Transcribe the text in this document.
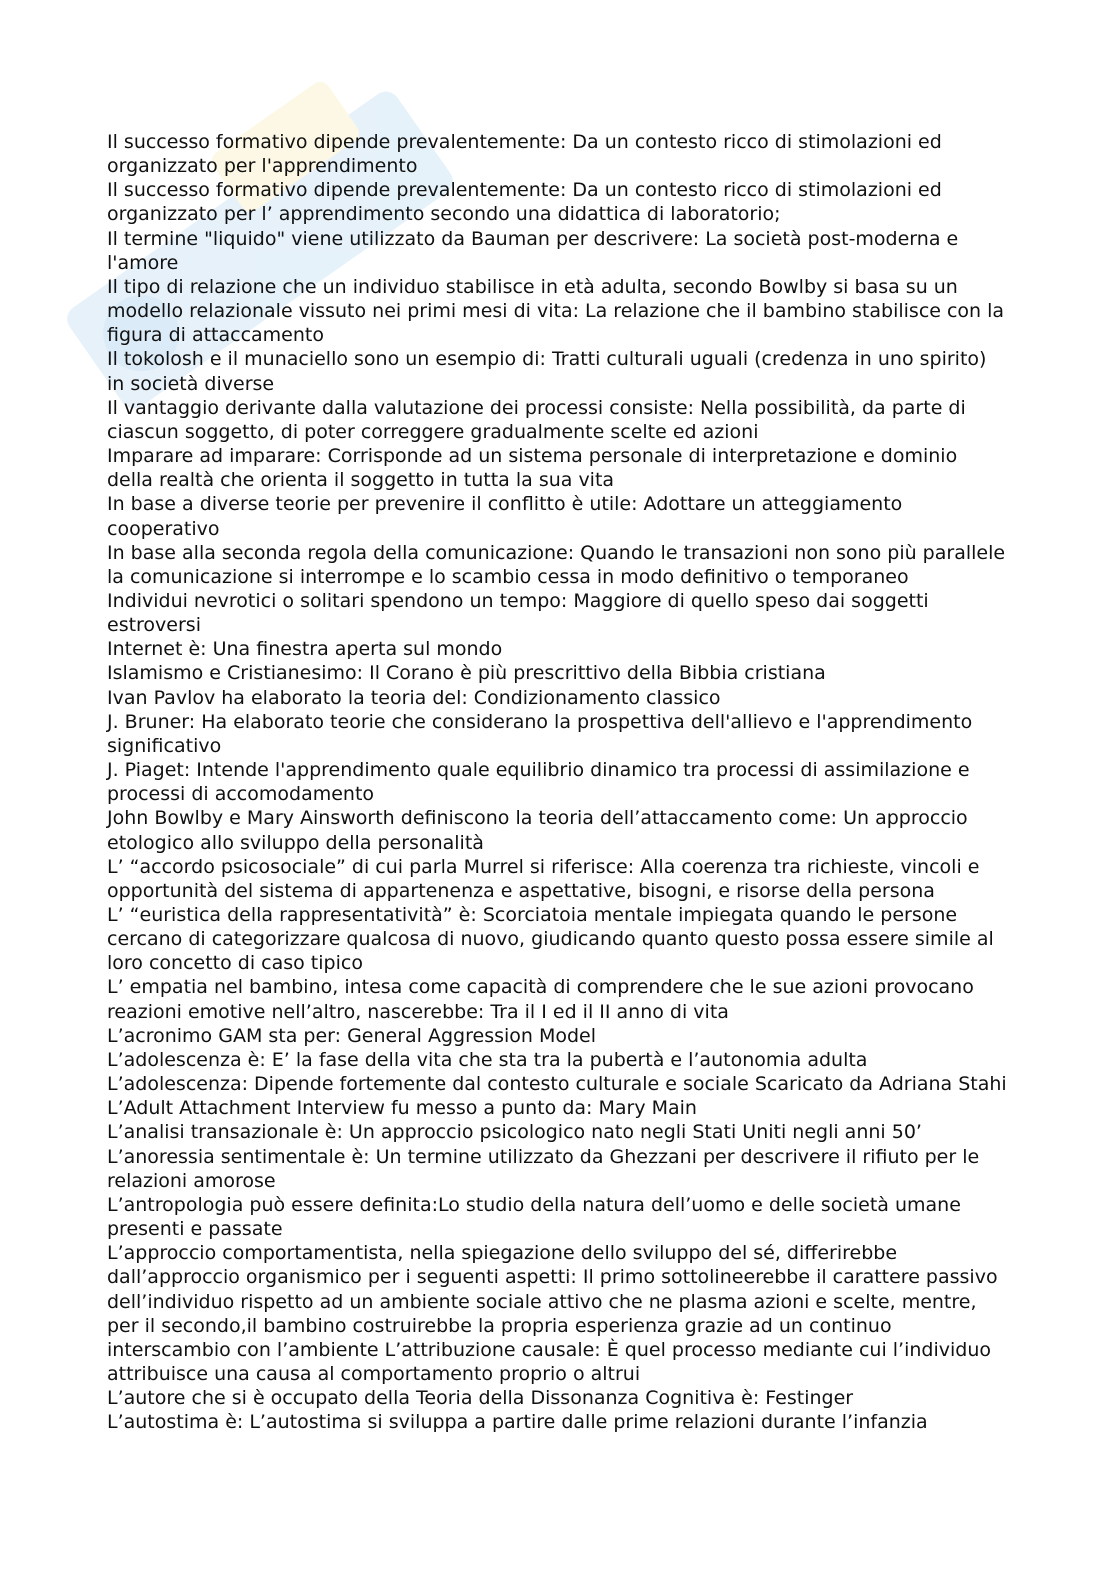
Il successo formativo dipende prevalentemente: Da un contesto ricco di stimolazioni ed organizzato per l'apprendimento

Il successo formativo dipende prevalentemente: Da un contesto ricco di stimolazioni ed organizzato per l’ apprendimento secondo una didattica di laboratorio;

Il termine "liquido" viene utilizzato da Bauman per descrivere: La società post-moderna e l'amore

Il tipo di relazione che un individuo stabilisce in età adulta, secondo Bowlby si basa su un modello relazionale vissuto nei primi mesi di vita: La relazione che il bambino stabilisce con la figura di attaccamento

Il tokolosh e il munaciello sono un esempio di: Tratti culturali uguali (credenza in uno spirito) in società diverse

Il vantaggio derivante dalla valutazione dei processi consiste: Nella possibilità, da parte di ciascun soggetto, di poter correggere gradualmente scelte ed azioni

Imparare ad imparare: Corrisponde ad un sistema personale di interpretazione e dominio della realtà che orienta il soggetto in tutta la sua vita

In base a diverse teorie per prevenire il conflitto è utile: Adottare un atteggiamento cooperativo

In base alla seconda regola della comunicazione: Quando le transazioni non sono più parallele la comunicazione si interrompe e lo scambio cessa in modo definitivo o temporaneo

Individui nevrotici o solitari spendono un tempo: Maggiore di quello speso dai soggetti estroversi

Internet è: Una finestra aperta sul mondo

Islamismo e Cristianesimo: Il Corano è più prescrittivo della Bibbia cristiana

Ivan Pavlov ha elaborato la teoria del: Condizionamento classico

J. Bruner: Ha elaborato teorie che considerano la prospettiva dell'allievo e l'apprendimento significativo

J. Piaget: Intende l'apprendimento quale equilibrio dinamico tra processi di assimilazione e processi di accomodamento

John Bowlby e Mary Ainsworth definiscono la teoria dell’attaccamento come: Un approccio etologico allo sviluppo della personalità

L’ “accordo psicosociale” di cui parla Murrel si riferisce: Alla coerenza tra richieste, vincoli e opportunità del sistema di appartenenza e aspettative, bisogni, e risorse della persona

L’ “euristica della rappresentatività” è: Scorciatoia mentale impiegata quando le persone cercano di categorizzare qualcosa di nuovo, giudicando quanto questo possa essere simile al loro concetto di caso tipico

L’ empatia nel bambino, intesa come capacità di comprendere che le sue azioni provocano reazioni emotive nell’altro, nascerebbe: Tra il I ed il II anno di vita

L’acronimo GAM sta per: General Aggression Model

L’adolescenza è: E’ la fase della vita che sta tra la pubertà e l’autonomia adulta

L’adolescenza: Dipende fortemente dal contesto culturale e sociale Scaricato da Adriana Stahi

L’Adult Attachment Interview fu messo a punto da: Mary Main

L’analisi transazionale è: Un approccio psicologico nato negli Stati Uniti negli anni 50’

L’anoressia sentimentale è: Un termine utilizzato da Ghezzani per descrivere il rifiuto per le relazioni amorose

L’antropologia può essere definita:Lo studio della natura dell’uomo e delle società umane presenti e passate

L’approccio comportamentista, nella spiegazione dello sviluppo del sé, differirebbe dall’approccio organismico per i seguenti aspetti: Il primo sottolineerebbe il carattere passivo dell’individuo rispetto ad un ambiente sociale attivo che ne plasma azioni e scelte, mentre, per il secondo,il bambino costruirebbe la propria esperienza grazie ad un continuo interscambio con l’ambiente L’attribuzione causale: È quel processo mediante cui l’individuo attribuisce una causa al comportamento proprio o altrui

L’autore che si è occupato della Teoria della Dissonanza Cognitiva è: Festinger

L’autostima è: L’autostima si sviluppa a partire dalle prime relazioni durante l’infanzia
